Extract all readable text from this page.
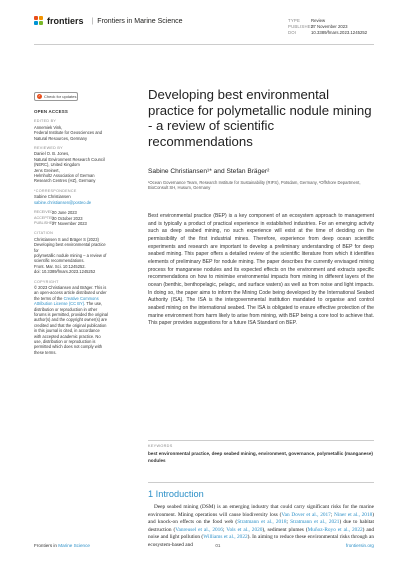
frontiers | Frontiers in Marine Science	TYPE	Review
PUBLISHED27 November 2023
DOI	10.3389/fmars.2023.1245252
✓ Check for updates
OPEN ACCESS
EDITED BY
Annemiek Vink,
Federal Institute for Geosciences and
Natural Resources, Germany
REVIEWED BY
Daniel O. B. Jones,
Natural Environment Research Council
(NERC), United Kingdom
Jens Greinert,
Helmholtz Association of German
Research Centres (HZ), Germany
*CORRESPONDENCE
Sabine Christiansen
sabine.christiansen@posteo.de
RECEIVED 20 June 2023
ACCEPTED
20 October 2023
PUBLISHED
27 November 2023
CITATION
Christiansen S and Bräger S (2023)
Developing best environmental practice for
polymetallic nodule mining – a review of
scientific recommendations.
Front. Mar. Sci. 10:1245252.
doi: 10.3389/fmars.2023.1245252
COPYRIGHT
© 2023 Christiansen and Bräger. This is an open-access article distributed under the terms of the Creative Commons Attribution License (CC BY). The use, distribution or reproduction in other forums is permitted, provided the original author(s) and the copyright owner(s) are credited and that the original publication in this journal is cited, in accordance with accepted academic practice. No use, distribution or reproduction is permitted which does not comply with these terms.
Developing best environmental practice for polymetallic nodule mining - a review of scientific recommendations
Sabine Christiansen¹* and Stefan Bräger²
¹Ocean Governance Team, Research Institute for Sustainability (RIFS), Potsdam, Germany, ²Offshore Department, BioConsult SH, Husum, Germany
Best environmental practice (BEP) is a key component of an ecosystem approach to management and is typically a product of practical experience in established industries. For an emerging activity such as deep seabed mining, no such experience will exist at the time of deciding on the permissibility of the first industrial mines. Therefore, experience from deep ocean scientific experiments and research are important to develop a preliminary understanding of BEP for deep seabed mining. This paper offers a detailed review of the scientific literature from which it identifies elements of preliminary BEP for nodule mining. The paper describes the currently envisaged mining process for manganese nodules and its expected effects on the environment and extracts specific recommendations on how to minimise environmental impacts from mining in different layers of the ocean (benthic, benthopelagic, pelagic, and surface waters) as well as from noise and light impacts. In doing so, the paper aims to inform the Mining Code being developed by the International Seabed Authority (ISA). The ISA is the intergovernmental institution mandated to organise and control seabed mining on the international seabed. The ISA is obligated to ensure effective protection of the marine environment from harm likely to arise from mining, with BEP being a core tool to achieve that. This paper provides suggestions for a future ISA Standard on BEP.
KEYWORDS
best environmental practice, deep seabed mining, environment, governance, polymetallic (manganese) nodules
1 Introduction
Deep seabed mining (DSM) is an emerging industry that could carry significant risks for the marine environment. Mining operations will cause biodiversity loss (Van Dover et al., 2017; Niner et al., 2018) and knock-on effects on the food web (Stratmann et al., 2018; Stratmann et al., 2021) due to habitat destruction (Vanreusel et al., 2016; Vols et al., 2020), sediment plumes (Muñoz-Royo et al., 2022) and noise and light pollution (Williams et al., 2022). In aiming to reduce these environmental risks through an ecosystem-based and
Frontiers in Marine Science	01	frontiersin.org
